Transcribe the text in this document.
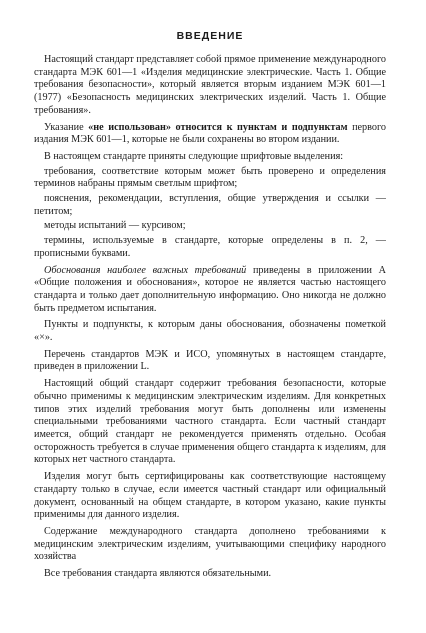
ВВЕДЕНИЕ

Настоящий стандарт представляет собой прямое применение международного стандарта МЭК 601—1 «Изделия медицинские электрические. Часть 1. Общие требования безопасности», который является вторым изданием МЭК 601—1 (1977) «Безопасность медицинских электрических изделий. Часть 1. Общие требования».

Указание «не использован» относится к пунктам и подпунктам первого издания МЭК 601—1, которые не были сохранены во втором издании.

В настоящем стандарте приняты следующие шрифтовые выделения:

требования, соответствие которым может быть проверено и определения терминов набраны прямым светлым шрифтом;

пояснения, рекомендации, вступления, общие утверждения и ссылки — петитом;

методы испытаний — курсивом;

термины, используемые в стандарте, которые определены в п. 2, — прописными буквами.

Обоснования наиболее важных требований приведены в приложении А «Общие положения и обоснования», которое не является частью настоящего стандарта и только дает дополнительную информацию. Оно никогда не должно быть предметом испытания.

Пункты и подпункты, к которым даны обоснования, обозначены пометкой «×».

Перечень стандартов МЭК и ИСО, упомянутых в настоящем стандарте, приведен в приложении L.

Настоящий общий стандарт содержит требования безопасности, которые обычно применимы к медицинским электрическим изделиям. Для конкретных типов этих изделий требования могут быть дополнены или изменены специальными требованиями частного стандарта. Если частный стандарт имеется, общий стандарт не рекомендуется применять отдельно. Особая осторожность требуется в случае применения общего стандарта к изделиям, для которых нет частного стандарта.

Изделия могут быть сертифицированы как соответствующие настоящему стандарту только в случае, если имеется частный стандарт или официальный документ, основанный на общем стандарте, в котором указано, какие пункты применимы для данного изделия.

Содержание международного стандарта дополнено требованиями к медицинским электрическим изделиям, учитывающими специфику народного хозяйства

Все требования стандарта являются обязательными.
